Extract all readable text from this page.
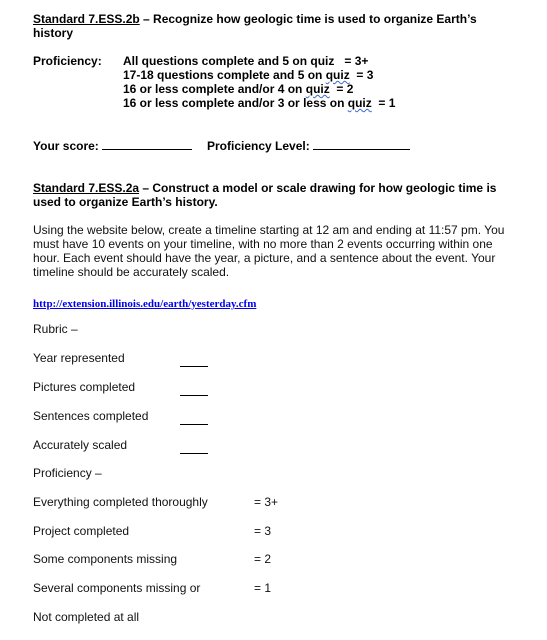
Standard 7.ESS.2b – Recognize how geologic time is used to organize Earth’s
history
Proficiency: All questions complete and 5 on quiz   = 3+
17-18 questions complete and 5 on quiz  = 3
16 or less complete and/or 4 on quiz  = 2
16 or less complete and/or 3 or less on quiz  = 1
Your score:	Proficiency Level:
Standard 7.ESS.2a – Construct a model or scale drawing for how geologic time is
used to organize Earth’s history.
Using the website below, create a timeline starting at 12 am and ending at 11:57 pm. You must have 10 events on your timeline, with no more than 2 events occurring within one hour. Each event should have the year, a picture, and a sentence about the event. Your timeline should be accurately scaled.
http://extension.illinois.edu/earth/yesterday.cfm
Rubric –
Year represented
Pictures completed
Sentences completed
Accurately scaled
Proficiency –
Everything completed thoroughly	= 3+
Project completed	= 3
Some components missing	= 2
Several components missing or	= 1
Not completed at all
